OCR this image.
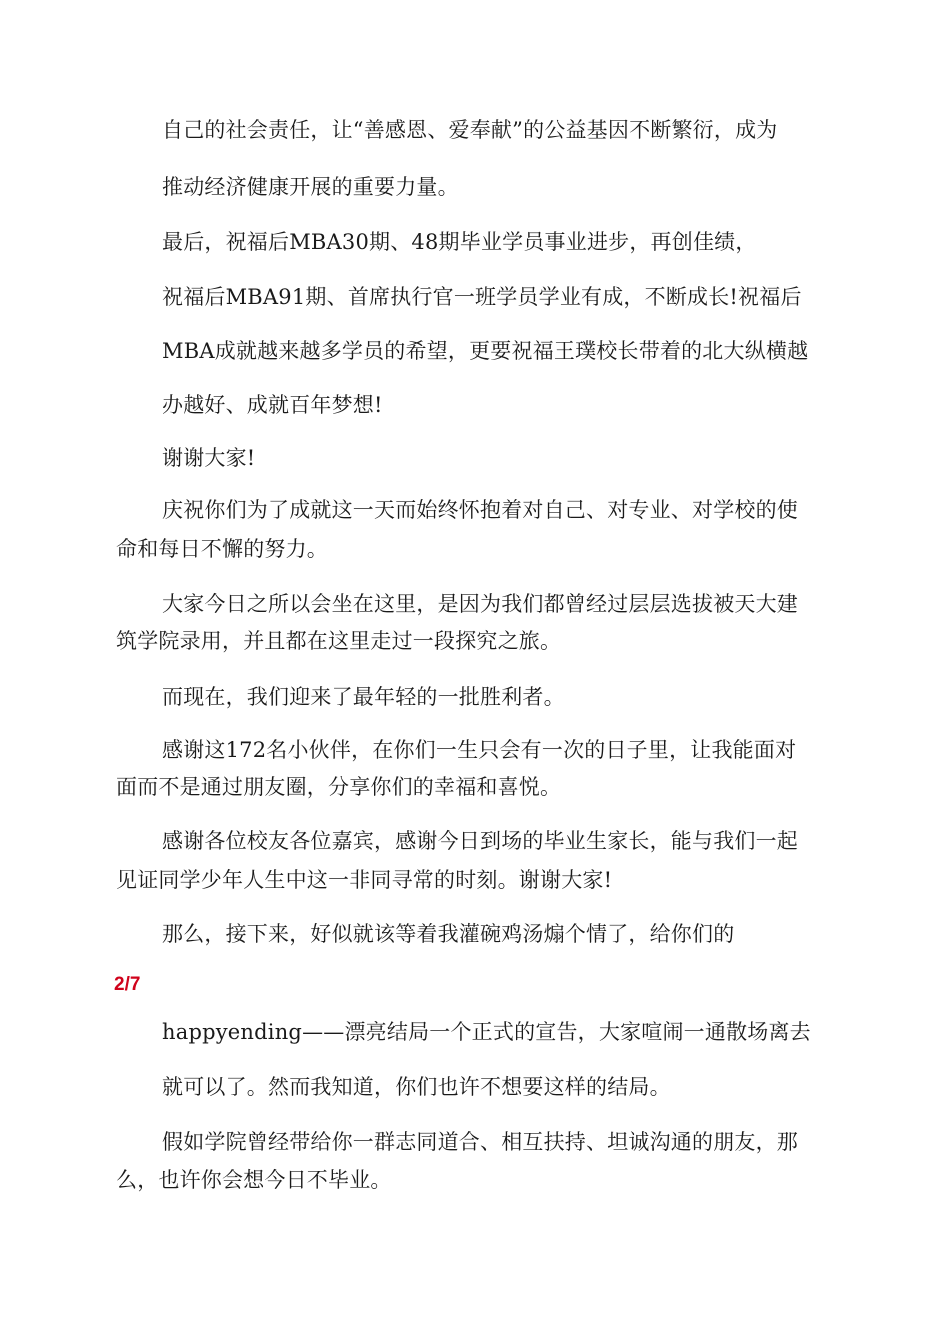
自己的社会责任，让“善感恩、爱奉献”的公益基因不断繁衍，成为
推动经济健康开展的重要力量。
最后，祝福后MBA30期、48期毕业学员事业进步，再创佳绩，
祝福后MBA91期、首席执行官一班学员学业有成，不断成长!祝福后
MBA成就越来越多学员的希望，更要祝福王璞校长带着的北大纵横越
办越好、成就百年梦想!
谢谢大家!
庆祝你们为了成就这一天而始终怀抱着对自己、对专业、对学校的使
命和每日不懈的努力。
大家今日之所以会坐在这里，是因为我们都曾经过层层选拔被天大建
筑学院录用，并且都在这里走过一段探究之旅。
而现在，我们迎来了最年轻的一批胜利者。
感谢这172名小伙伴，在你们一生只会有一次的日子里，让我能面对
面而不是通过朋友圈，分享你们的幸福和喜悦。
感谢各位校友各位嘉宾，感谢今日到场的毕业生家长，能与我们一起
见证同学少年人生中这一非同寻常的时刻。谢谢大家!
那么，接下来，好似就该等着我灌碗鸡汤煽个情了，给你们的
2/7
happyending——漂亮结局一个正式的宣告，大家喧闹一通散场离去
就可以了。然而我知道，你们也许不想要这样的结局。
假如学院曾经带给你一群志同道合、相互扶持、坦诚沟通的朋友，那
么，也许你会想今日不毕业。
